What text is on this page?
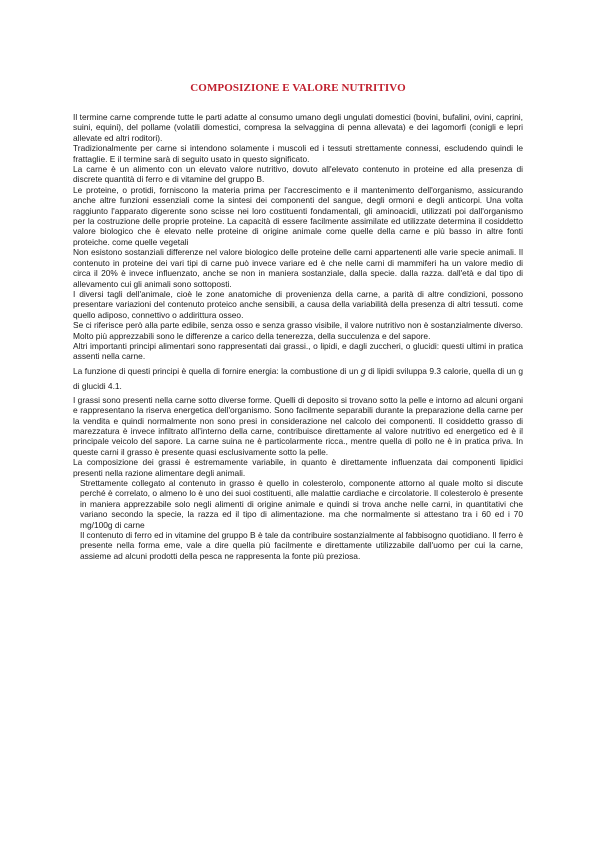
COMPOSIZIONE E VALORE NUTRITIVO

Il termine carne comprende tutte le parti adatte al consumo umano degli ungulati domestici (bovini, bufalini, ovini, caprini, suini, equini), del pollame (volatili domestici, compresa la selvaggina di penna allevata) e dei lagomorfi (conigli e lepri allevate ed altri roditori).

Tradizionalmente per carne si intendono solamente i muscoli ed i tessuti strettamente connessi, escludendo quindi le frattaglie. E il termine sarà di seguito usato in questo significato.

La carne è un alimento con un elevato valore nutritivo, dovuto all'elevato contenuto in proteine ed alla presenza di discrete quantità di ferro e di vitamine del gruppo B.

Le proteine, o protidi, forniscono la materia prima per l'accrescimento e il mantenimento dell'organismo, assicurando anche altre funzioni essenziali come la sintesi dei componenti del sangue, degli ormoni e degli anticorpi. Una volta raggiunto l'apparato digerente sono scisse nei loro costituenti fondamentali, gli aminoacidi, utilizzati poi dall'organismo per la costruzione delle proprie proteine. La capacità di essere facilmente assimilate ed utilizzate determina il cosiddetto valore biologico che è elevato nelle proteine di origine animale come quelle della carne e più basso in altre fonti proteiche. come quelle vegetali

Non esistono sostanziali differenze nel valore biologico delle proteine delle carni appartenenti alle varie specie animali. Il contenuto in proteine dei vari tipi di carne può invece variare ed è che nelle carni di mammiferi ha un valore medio di circa il 20% è invece influenzato, anche se non in maniera sostanziale, dalla specie. dalla razza. dall'età e dal tipo di allevamento cui gli animali sono sottoposti.

I diversi tagli dell'animale, cioè le zone anatomiche di provenienza della carne, a parità di altre condizioni, possono presentare variazioni del contenuto proteico anche sensibili, a causa della variabilità della presenza di altri tessuti. come quello adiposo, connettivo o addirittura osseo.

Se ci riferisce però alla parte edibile, senza osso e senza grasso visibile, il valore nutritivo non è sostanzialmente diverso. Molto più apprezzabili sono le differenze a carico della tenerezza, della succulenza e del sapore.

Altri importanti principi alimentari sono rappresentati dai grassi., o lipidi, e dagli zuccheri, o glucidi: questi ultimi in pratica assenti nella carne.

La funzione di questi principi è quella di fornire energia: la combustione di un g di lipidi sviluppa 9.3 calorie, quella di un g di glucidi 4.1.

I grassi sono presenti nella carne sotto diverse forme. Quelli di deposito si trovano sotto la pelle e intorno ad alcuni organi e rappresentano la riserva energetica dell'organismo. Sono facilmente separabili durante la preparazione della carne per la vendita e quindi normalmente non sono presi in considerazione nel calcolo dei componenti. Il cosiddetto grasso di marezzatura è invece infiltrato all'interno della carne, contribuisce direttamente al valore nutritivo ed energetico ed è il principale veicolo del sapore. La carne suina ne è particolarmente ricca., mentre quella di pollo ne è in pratica priva. In queste carni il grasso è presente quasi esclusivamente sotto la pelle.

La composizione dei grassi è estremamente variabile, in quanto è direttamente influenzata dai componenti lipidici presenti nella razione alimentare degli animali.

Strettamente collegato al contenuto in grasso è quello in colesterolo, componente attorno al quale molto si discute perché è correlato, o almeno lo è uno dei suoi costituenti, alle malattie cardiache e circolatorie. Il colesterolo è presente in maniera apprezzabile solo negli alimenti di origine animale e quindi si trova anche nelle carni, in quantitativi che variano secondo la specie, la razza ed il tipo di alimentazione. ma che normalmente si attestano tra i 60 ed i 70 mg/100g di carne

Il contenuto di ferro ed in vitamine del gruppo B è tale da contribuire sostanzialmente al fabbisogno quotidiano. Il ferro è presente nella forma eme, vale a dire quella più facilmente e direttamente utilizzabile dall'uomo per cui la carne, assieme ad alcuni prodotti della pesca ne rappresenta la fonte più preziosa.
